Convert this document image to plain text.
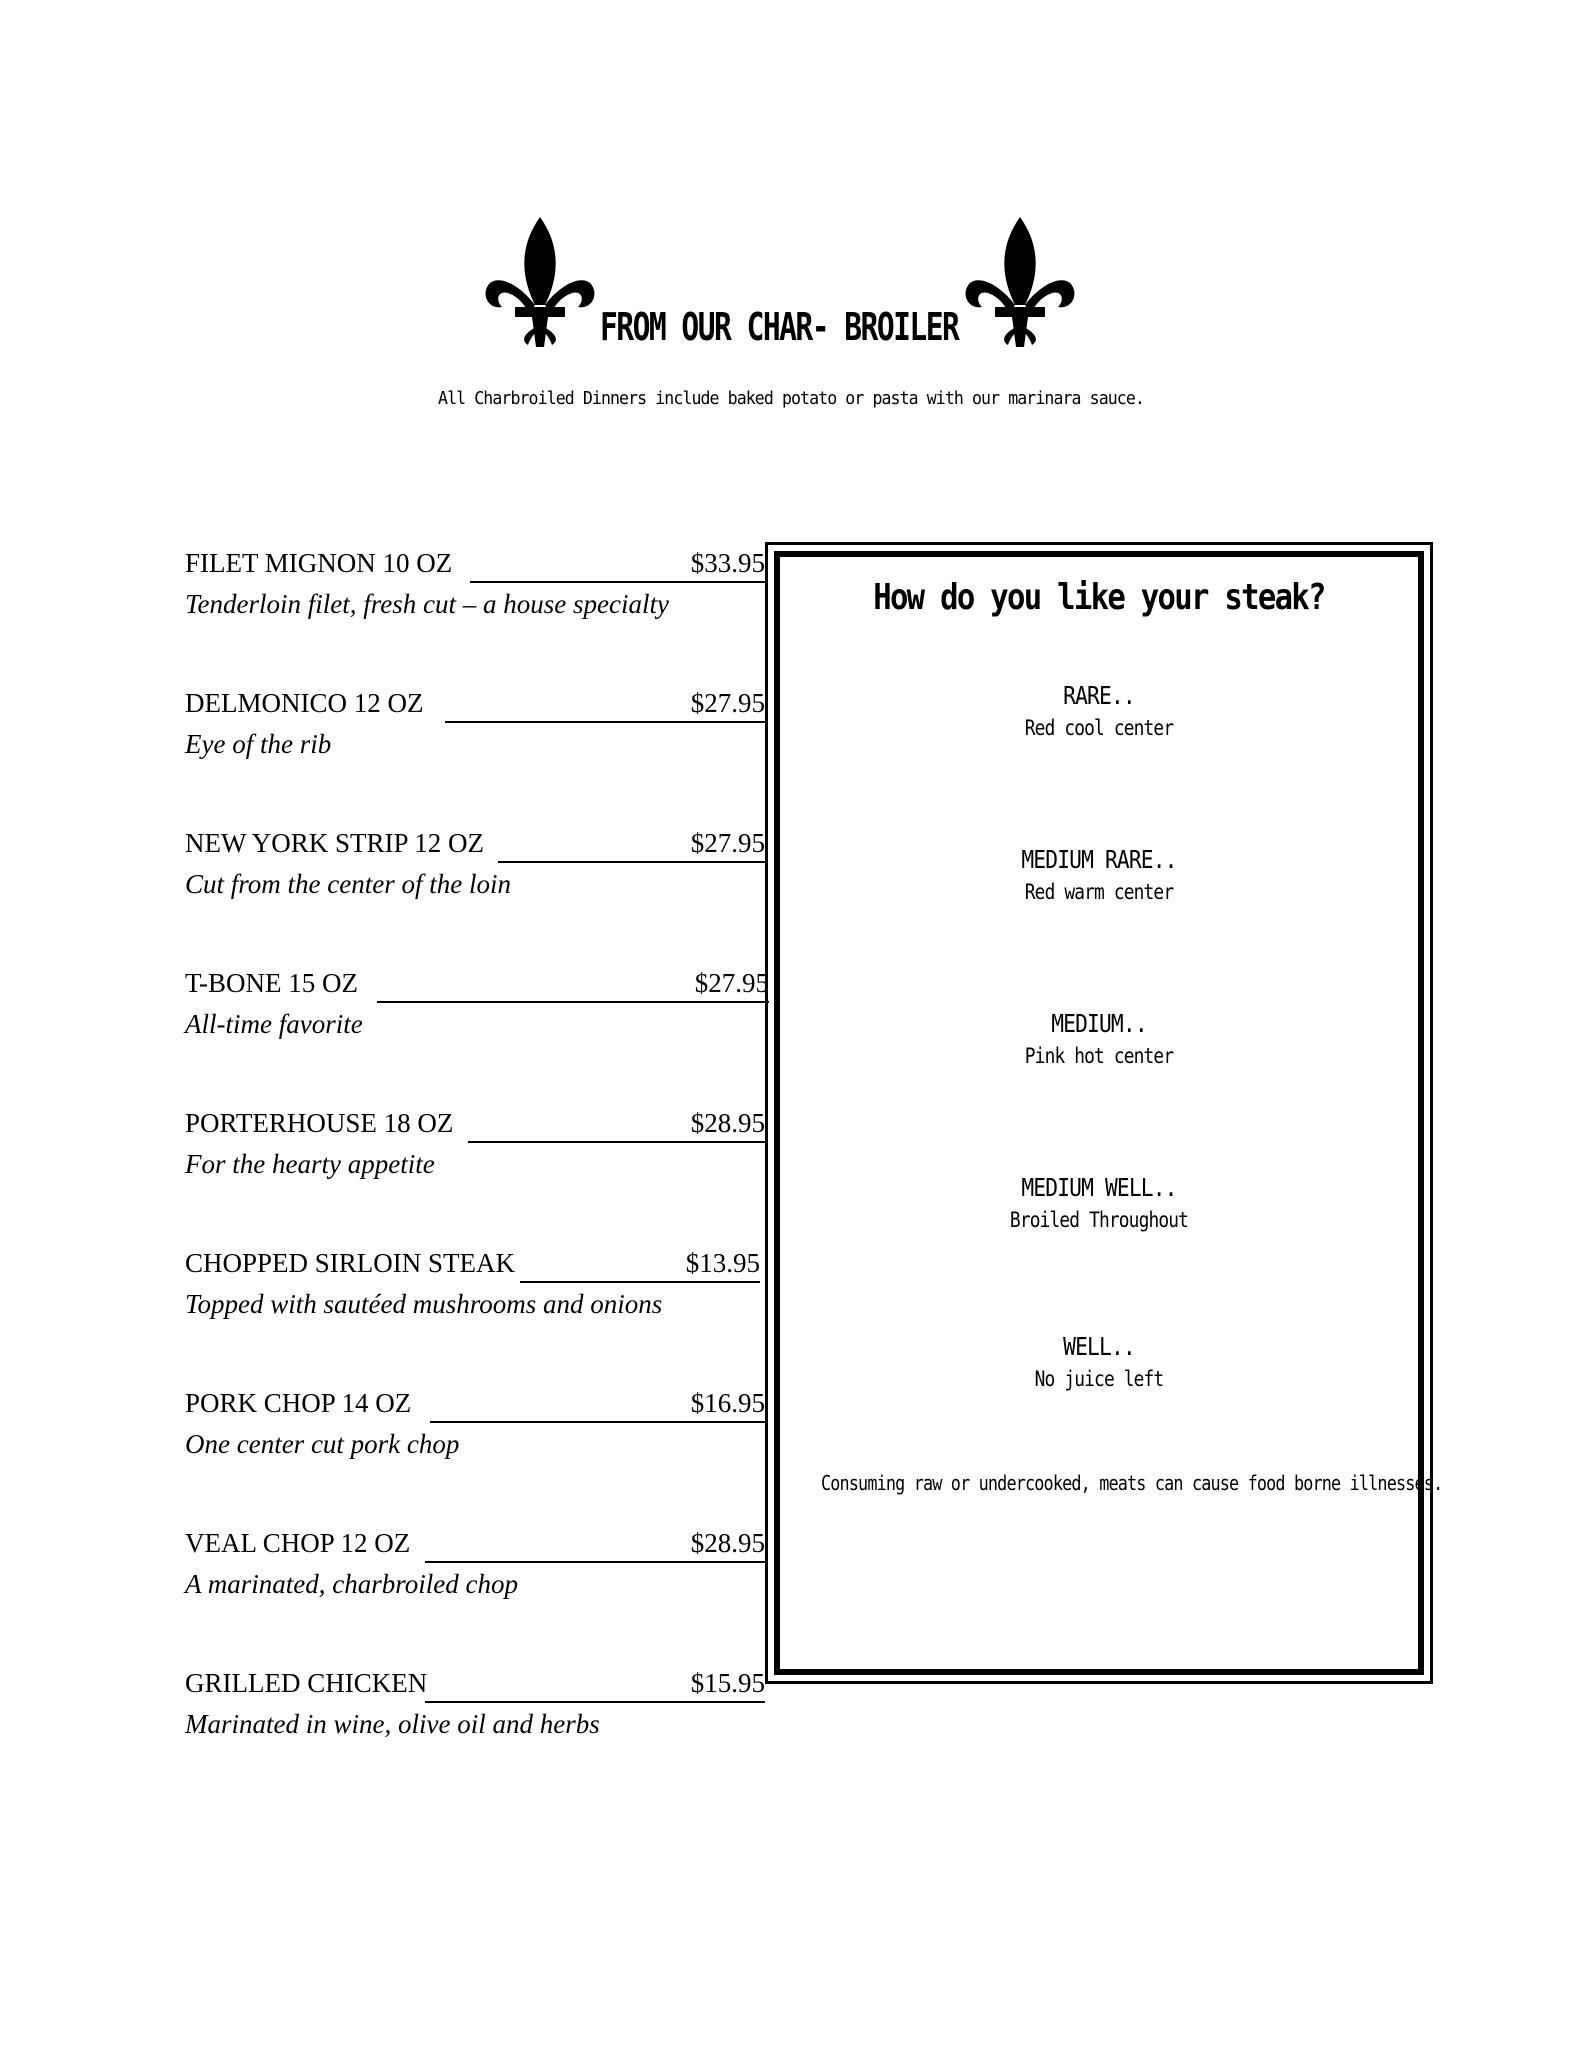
FROM OUR CHAR- BROILER
All Charbroiled Dinners include baked potato or pasta with our marinara sauce.
FILET MIGNON 10 OZ	$33.95
Tenderloin filet, fresh cut – a house specialty
DELMONICO 12 OZ	$27.95
Eye of the rib
NEW YORK STRIP 12 OZ	$27.95
Cut from the center of the loin
T-BONE 15 OZ	$27.95
All-time favorite
PORTERHOUSE 18 OZ	$28.95
For the hearty appetite
CHOPPED SIRLOIN STEAK	$13.95
Topped with sautéed mushrooms and onions
PORK CHOP 14 OZ	$16.95
One center cut pork chop
VEAL CHOP 12 OZ	$28.95
A marinated, charbroiled chop
GRILLED CHICKEN	$15.95
Marinated in wine, olive oil and herbs
How do you like your steak?
RARE..
Red cool center
MEDIUM RARE..
Red warm center
MEDIUM..
Pink hot center
MEDIUM WELL..
Broiled Throughout
WELL..
No juice left
Consuming raw or undercooked, meats can cause food borne illnesses.
